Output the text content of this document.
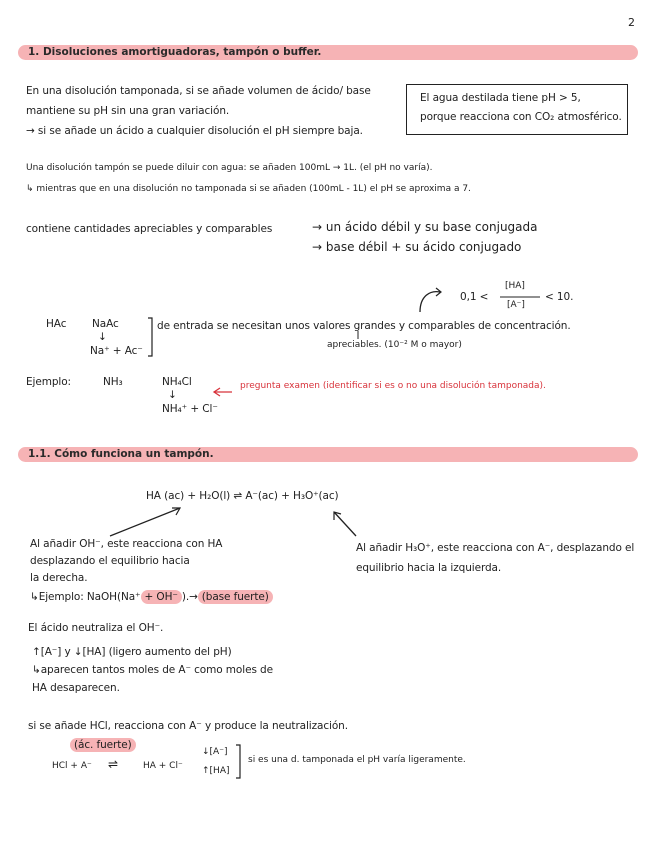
2
1. Disoluciones amortiguadoras, tampón o buffer.
En una disolución tamponada, si se añade volumen de ácido/ base
mantiene su pH sin una gran variación.
→ si se añade un ácido a cualquier disolución el pH siempre baja.
El agua destilada tiene pH > 5,
porque reacciona con CO₂ atmosférico.
Una disolución tampón se puede diluir con agua: se añaden 100mL → 1L. (el pH no varía).
↳ mientras que en una disolución no tamponada si se añaden (100mL - 1L) el pH se aproxima a 7.
contiene cantidades apreciables y comparables	→ un ácido débil y su base conjugada
→ base débil + su ácido conjugado
0,1 <
[HA]
[A⁻]
< 10.
HAc NaAc
↓
Na⁺ + Ac⁻
de entrada se necesitan unos valores grandes y comparables de concentración.
apreciables. (10⁻² M o mayor)
Ejemplo:	NH₃	NH₄Cl
↓
NH₄⁺ + Cl⁻
pregunta examen (identificar si es o no una disolución tamponada).
1.1. Cómo funciona un tampón.
HA (ac) + H₂O(l) ⇌ A⁻(ac) + H₃O⁺(ac)
Al añadir OH⁻, este reacciona con HA
desplazando el equilibrio hacia
la derecha.
↳Ejemplo: NaOH(Na⁺ + OH⁻ ).→ (base fuerte)
Al añadir H₃O⁺, este reacciona con A⁻, desplazando el
equilibrio hacia la izquierda.
El ácido neutraliza el OH⁻.
↑[A⁻] y ↓[HA] (ligero aumento del pH)
↳aparecen tantos moles de A⁻ como moles de
HA desaparecen.
si se añade HCl, reacciona con A⁻ y produce la neutralización.
(ác. fuerte)
HCl + A⁻ ⇌	HA + Cl⁻
↓[A⁻]
↑[HA]
si es una d. tamponada el pH varía ligeramente.
